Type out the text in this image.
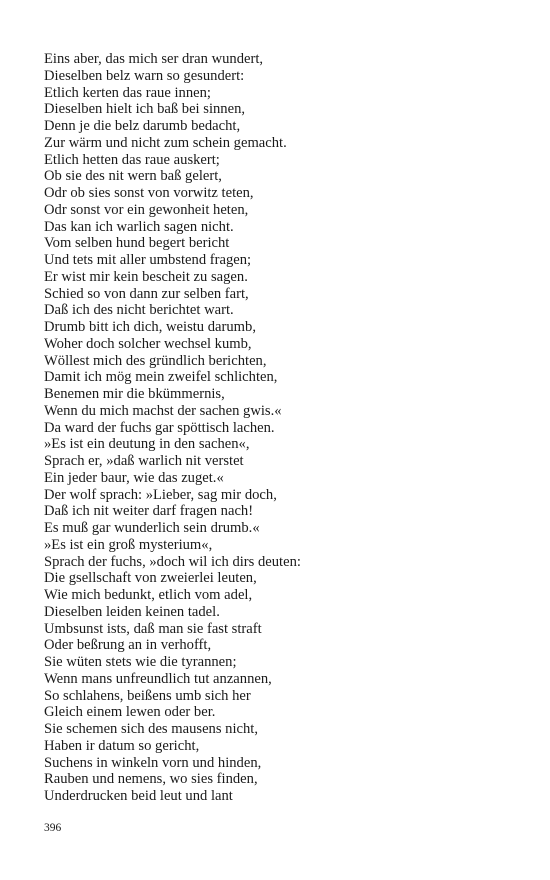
Eins aber, das mich ser dran wundert,
Dieselben belz warn so gesundert:
Etlich kerten das raue innen;
Dieselben hielt ich baß bei sinnen,
Denn je die belz darumb bedacht,
Zur wärm und nicht zum schein gemacht.
Etlich hetten das raue auskert;
Ob sie des nit wern baß gelert,
Odr ob sies sonst von vorwitz teten,
Odr sonst vor ein gewonheit heten,
Das kan ich warlich sagen nicht.
Vom selben hund begert bericht
Und tets mit aller umbstend fragen;
Er wist mir kein bescheit zu sagen.
Schied so von dann zur selben fart,
Daß ich des nicht berichtet wart.
Drumb bitt ich dich, weistu darumb,
Woher doch solcher wechsel kumb,
Wöllest mich des gründlich berichten,
Damit ich mög mein zweifel schlichten,
Benemen mir die bkümmernis,
Wenn du mich machst der sachen gwis.«
Da ward der fuchs gar spöttisch lachen.
»Es ist ein deutung in den sachen«,
Sprach er, »daß warlich nit verstet
Ein jeder baur, wie das zuget.«
Der wolf sprach: »Lieber, sag mir doch,
Daß ich nit weiter darf fragen nach!
Es muß gar wunderlich sein drumb.«
»Es ist ein groß mysterium«,
Sprach der fuchs, »doch wil ich dirs deuten:
Die gsellschaft von zweierlei leuten,
Wie mich bedunkt, etlich vom adel,
Dieselben leiden keinen tadel.
Umbsunst ists, daß man sie fast straft
Oder beßrung an in verhofft,
Sie wüten stets wie die tyrannen;
Wenn mans unfreundlich tut anzannen,
So schlahens, beißens umb sich her
Gleich einem lewen oder ber.
Sie schemen sich des mausens nicht,
Haben ir datum so gericht,
Suchens in winkeln vorn und hinden,
Rauben und nemens, wo sies finden,
Underdrucken beid leut und lant
396
